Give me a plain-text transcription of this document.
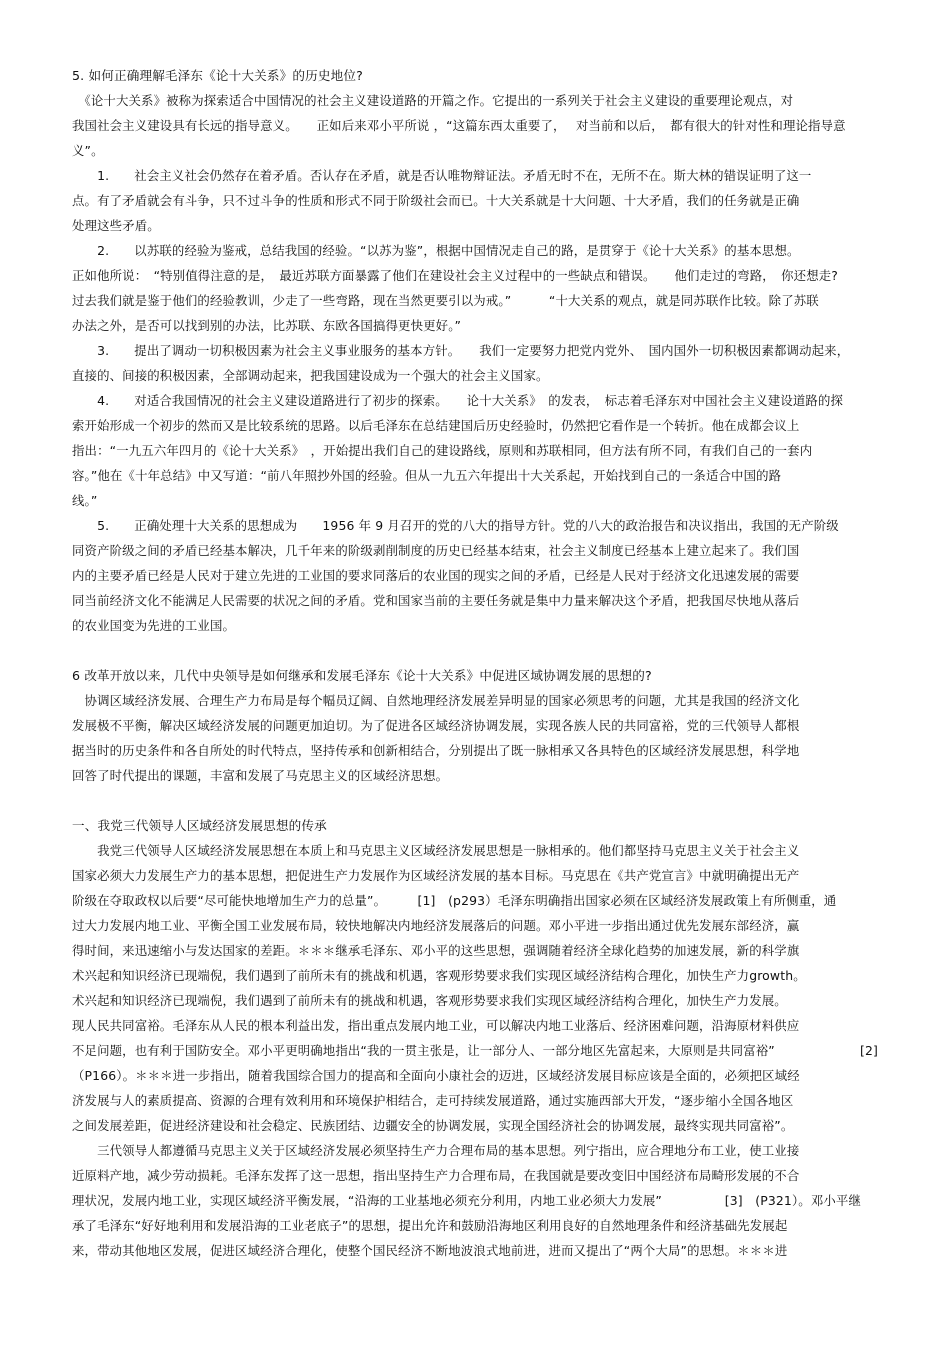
5. 如何正确理解毛泽东《论十大关系》的历史地位?
　《论十大关系》被称为探索适合中国情况的社会主义建设道路的开篇之作。它提出的一系列关于社会主义建设的重要理论观点，对
我国社会主义建设具有长远的指导意义。　　正如后来邓小平所说 ，“这篇东西太重要了，　 对当前和以后，　都有很大的针对性和理论指导意
义”。
　　1.　　社会主义社会仍然存在着矛盾。否认存在矛盾，就是否认唯物辩证法。矛盾无时不在，无所不在。斯大林的错误证明了这一
点。有了矛盾就会有斗争，只不过斗争的性质和形式不同于阶级社会而已。十大关系就是十大问题、十大矛盾，我们的任务就是正确
处理这些矛盾。
　　2.　　以苏联的经验为鉴戒，总结我国的经验。“以苏为鉴”，根据中国情况走自己的路，是贯穿于《论十大关系》的基本思想。
正如他所说：　“特别值得注意的是，　最近苏联方面暴露了他们在建设社会主义过程中的一些缺点和错误。　　他们走过的弯路，　你还想走?
过去我们就是鉴于他们的经验教训，少走了一些弯路，现在当然更要引以为戒。”　　　“十大关系的观点，就是同苏联作比较。除了苏联
办法之外，是否可以找到别的办法，比苏联、东欧各国搞得更快更好。”
　　3.　　提出了调动一切积极因素为社会主义事业服务的基本方针。　　我们一定要努力把党内党外、　国内国外一切积极因素都调动起来，
直接的、间接的积极因素，全部调动起来，把我国建设成为一个强大的社会主义国家。
　　4.　　对适合我国情况的社会主义建设道路进行了初步的探索。　　论十大关系》　的发表，　标志着毛泽东对中国社会主义建设道路的探
索开始形成一个初步的然而又是比较系统的思路。以后毛泽东在总结建国后历史经验时，仍然把它看作是一个转折。他在成都会议上
指出：“一九五六年四月的《论十大关系》　，开始提出我们自己的建设路线，原则和苏联相同，但方法有所不同，有我们自己的一套内
容。”他在《十年总结》中又写道：“前八年照抄外国的经验。但从一九五六年提出十大关系起，开始找到自己的一条适合中国的路
线。”
　　5.　　正确处理十大关系的思想成为　　1956 年 9 月召开的党的八大的指导方针。党的八大的政治报告和决议指出，我国的无产阶级
同资产阶级之间的矛盾已经基本解决，几千年来的阶级剥削制度的历史已经基本结束，社会主义制度已经基本上建立起来了。我们国
内的主要矛盾已经是人民对于建立先进的工业国的要求同落后的农业国的现实之间的矛盾，已经是人民对于经济文化迅速发展的需要
同当前经济文化不能满足人民需要的状况之间的矛盾。党和国家当前的主要任务就是集中力量来解决这个矛盾，把我国尽快地从落后
的农业国变为先进的工业国。
6 改革开放以来，几代中央领导是如何继承和发展毛泽东《论十大关系》中促进区域协调发展的思想的?
　协调区域经济发展、合理生产力布局是每个幅员辽阔、自然地理经济发展差异明显的国家必须思考的问题，尤其是我国的经济文化
发展极不平衡，解决区域经济发展的问题更加迫切。为了促进各区域经济协调发展，实现各族人民的共同富裕，党的三代领导人都根
据当时的历史条件和各自所处的时代特点，坚持传承和创新相结合，分别提出了既一脉相承又各具特色的区域经济发展思想，科学地
回答了时代提出的课题，丰富和发展了马克思主义的区域经济思想。
一、我党三代领导人区域经济发展思想的传承
　　我党三代领导人区域经济发展思想在本质上和马克思主义区域经济发展思想是一脉相承的。他们都坚持马克思主义关于社会主义
国家必须大力发展生产力的基本思想，把促进生产力发展作为区域经济发展的基本目标。马克思在《共产党宣言》中就明确提出无产
阶级在夺取政权以后要“尽可能快地增加生产力的总量”。　　　[1]　(p293）毛泽东明确指出国家必须在区域经济发展政策上有所侧重，通
过大力发展内地工业、平衡全国工业发展布局，较快地解决内地经济发展落后的问题。邓小平进一步指出通过优先发展东部经济，赢
得时间，来迅速缩小与发达国家的差距。＊＊＊继承毛泽东、邓小平的这些思想，强调随着经济全球化趋势的加速发展，新的科学旗
术兴起和知识经济已现端倪，我们遇到了前所未有的挑战和机遇，客观形势要求我们实现区域经济结构合理化，加快生产力growth。
术兴起和知识经济已现端倪，我们遇到了前所未有的挑战和机遇，客观形势要求我们实现区域经济结构合理化，加快生产力发展。
现人民共同富裕。毛泽东从人民的根本利益出发，指出重点发展内地工业，可以解决内地工业落后、经济困难问题，沿海原材料供应
不足问题，也有利于国防安全。邓小平更明确地指出“我的一贯主张是，让一部分人、一部分地区先富起来，大原则是共同富裕”
（P166）。＊＊＊进一步指出，随着我国综合国力的提高和全面向小康社会的迈进，区域经济发展目标应该是全面的，必须把区域经
济发展与人的素质提高、资源的合理有效利用和环境保护相结合，走可持续发展道路，通过实施西部大开发，“逐步缩小全国各地区
之间发展差距，促进经济建设和社会稳定、民族团结、边疆安全的协调发展，实现全国经济社会的协调发展，最终实现共同富裕”。
　　三代领导人都遵循马克思主义关于区域经济发展必须坚持生产力合理布局的基本思想。列宁指出，应合理地分布工业，使工业接
近原料产地，减少劳动损耗。毛泽东发挥了这一思想，指出坚持生产力合理布局，在我国就是要改变旧中国经济布局畸形发展的不合
理状况，发展内地工业，实现区域经济平衡发展，“沿海的工业基地必须充分利用，内地工业必须大力发展”　　　　　[3]　(P321）。邓小平继
承了毛泽东“好好地利用和发展沿海的工业老底子”的思想，提出允许和鼓励沿海地区利用良好的自然地理条件和经济基础先发展起
来，带动其他地区发展，促进区域经济合理化，使整个国民经济不断地波浪式地前进，进而又提出了“两个大局”的思想。＊＊＊进
[2]
